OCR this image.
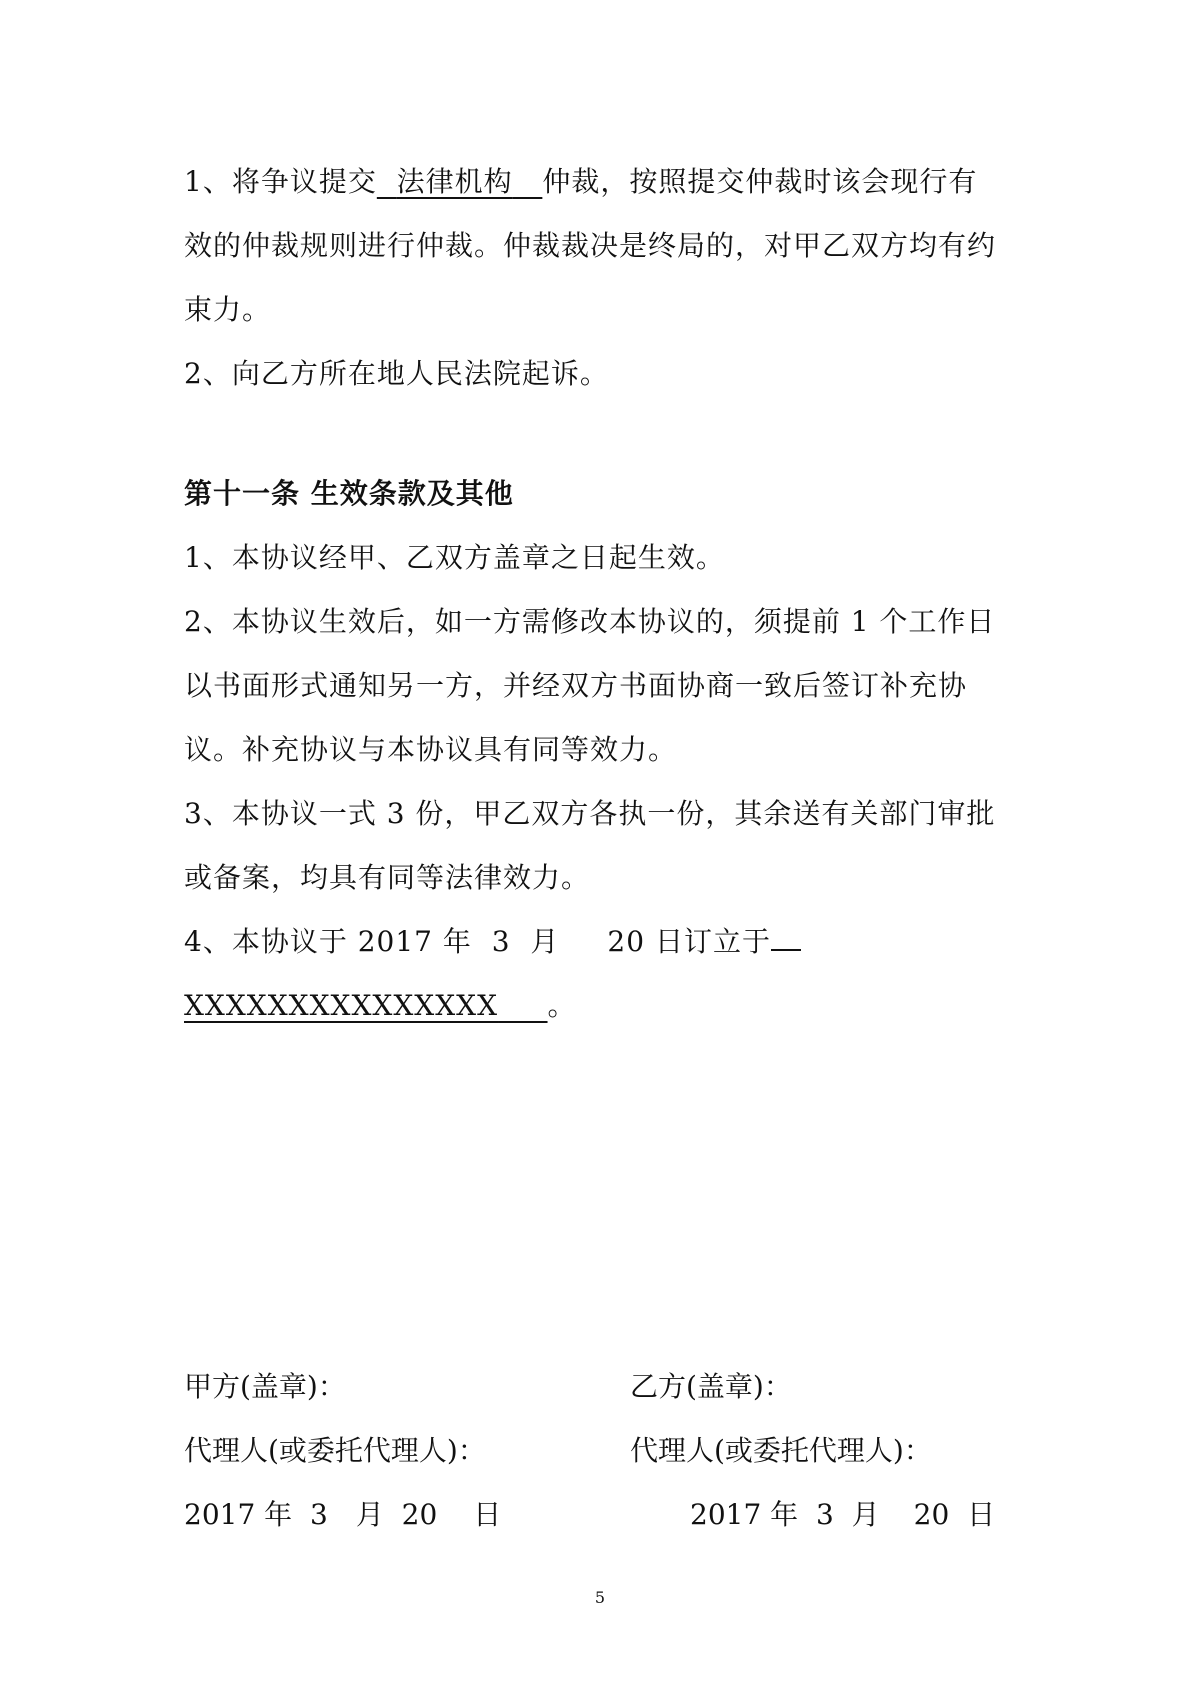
1、将争议提交 法律机构 仲裁，按照提交仲裁时该会现行有

效的仲裁规则进行仲裁。仲裁裁决是终局的，对甲乙双方均有约

束力。

2、向乙方所在地人民法院起诉。

第十一条 生效条款及其他

1、本协议经甲、乙双方盖章之日起生效。

2、本协议生效后，如一方需修改本协议的，须提前 1 个工作日

以书面形式通知另一方，并经双方书面协商一致后签订补充协

议。补充协议与本协议具有同等效力。

3、本协议一式 3 份，甲乙双方各执一份，其余送有关部门审批

或备案，均具有同等法律效力。

4、本协议于 2017 年 3 月 20 日订立于

XXXXXXXXXXXXXXX 。

甲方(盖章)：	乙方(盖章)：
代理人(或委托代理人)：	代理人(或委托代理人)：
2017 年 3 月 20 日	2017 年 3 月 20 日
5
